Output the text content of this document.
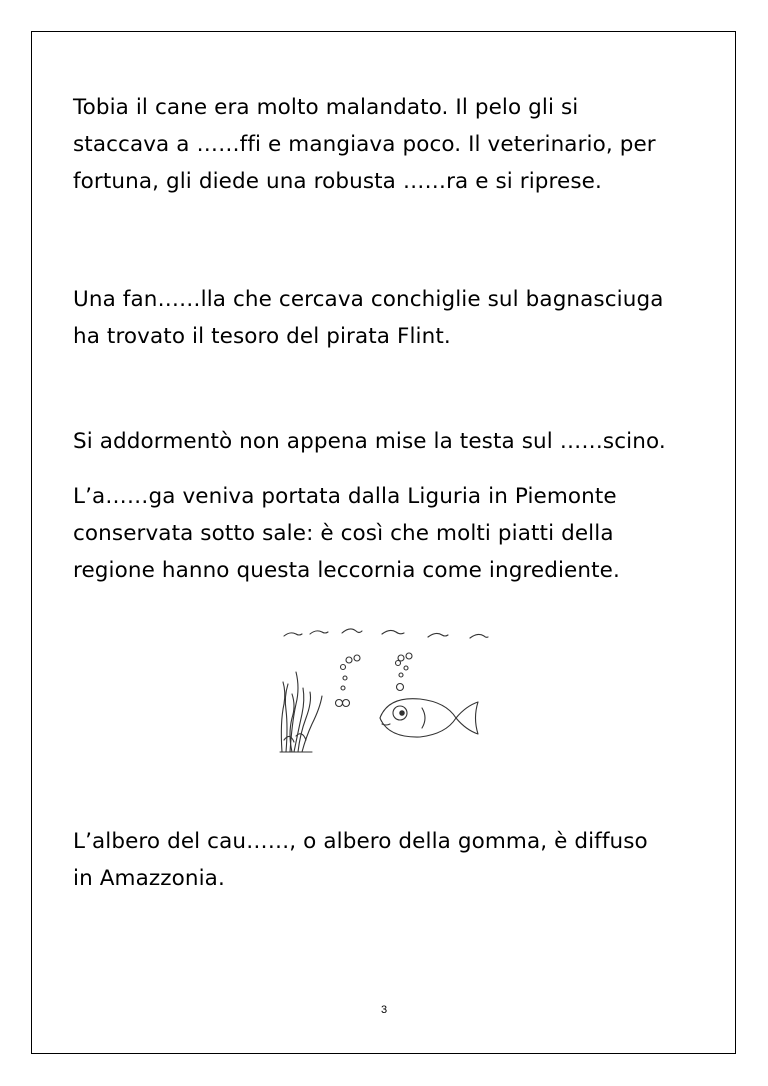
Tobia il cane era molto malandato. Il pelo gli si
staccava a ……ffi e mangiava poco. Il veterinario, per
fortuna, gli diede una robusta ……ra e si riprese.
Una fan……lla che cercava conchiglie sul bagnasciuga
ha trovato il tesoro del pirata Flint.
Si addormentò non appena mise la testa sul ……scino.
L’a……ga veniva portata dalla Liguria in Piemonte
conservata sotto sale: è così che molti piatti della
regione hanno questa leccornia come ingrediente.
L’albero del cau……, o albero della gomma, è diffuso
in Amazzonia.
3
